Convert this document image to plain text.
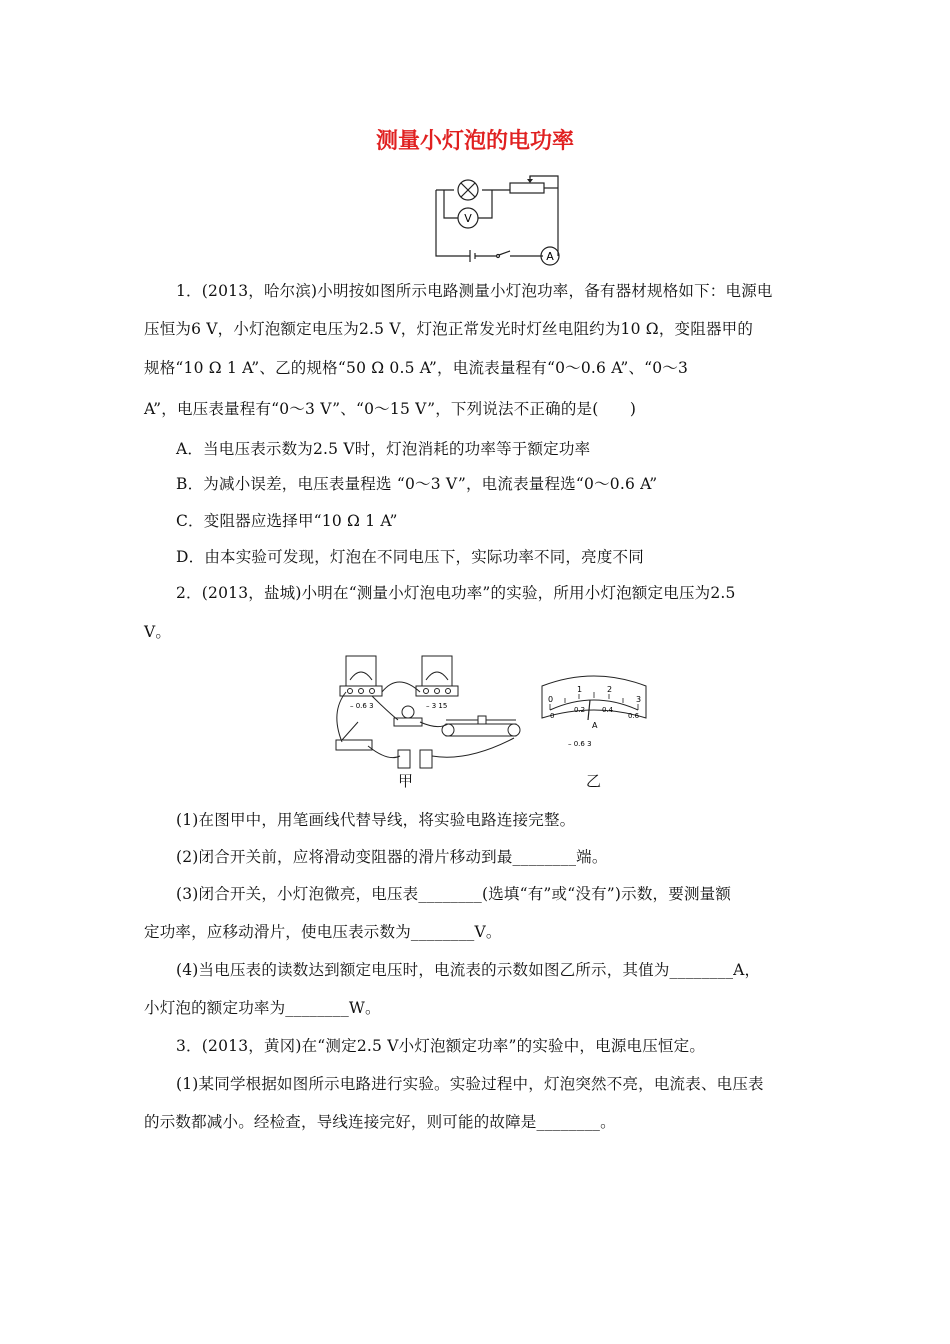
测量小灯泡的电功率
V
A
1．(2013，哈尔滨)小明按如图所示电路测量小灯泡功率，备有器材规格如下：电源电
压恒为6 V，小灯泡额定电压为2.5 V，灯泡正常发光时灯丝电阻约为10 Ω，变阻器甲的
规格“10 Ω 1 A”、乙的规格“50 Ω 0.5 A”，电流表量程有“0～0.6 A”、“0～3
A”，电压表量程有“0～3 V”、“0～15 V”，下列说法不正确的是(　　)
A．当电压表示数为2.5 V时，灯泡消耗的功率等于额定功率
B．为减小误差，电压表量程选 “0～3 V”，电流表量程选“0～0.6 A”
C．变阻器应选择甲“10 Ω 1 A”
D．由本实验可发现，灯泡在不同电压下，实际功率不同，亮度不同
2．(2013，盐城)小明在“测量小灯泡电功率”的实验，所用小灯泡额定电压为2.5
V。
– 0.6 3	– 3 15
甲
0
1	2
3
0
0.2 0.4
0.6
A
– 0.6 3
乙
(1)在图甲中，用笔画线代替导线，将实验电路连接完整。
(2)闭合开关前，应将滑动变阻器的滑片移动到最________端。
(3)闭合开关，小灯泡微亮，电压表________(选填“有”或“没有”)示数，要测量额
定功率，应移动滑片，使电压表示数为________V。
(4)当电压表的读数达到额定电压时，电流表的示数如图乙所示，其值为________A，
小灯泡的额定功率为________W。
3．(2013，黄冈)在“测定2.5 V小灯泡额定功率”的实验中，电源电压恒定。
(1)某同学根据如图所示电路进行实验。实验过程中，灯泡突然不亮，电流表、电压表
的示数都减小。经检查，导线连接完好，则可能的故障是________。
